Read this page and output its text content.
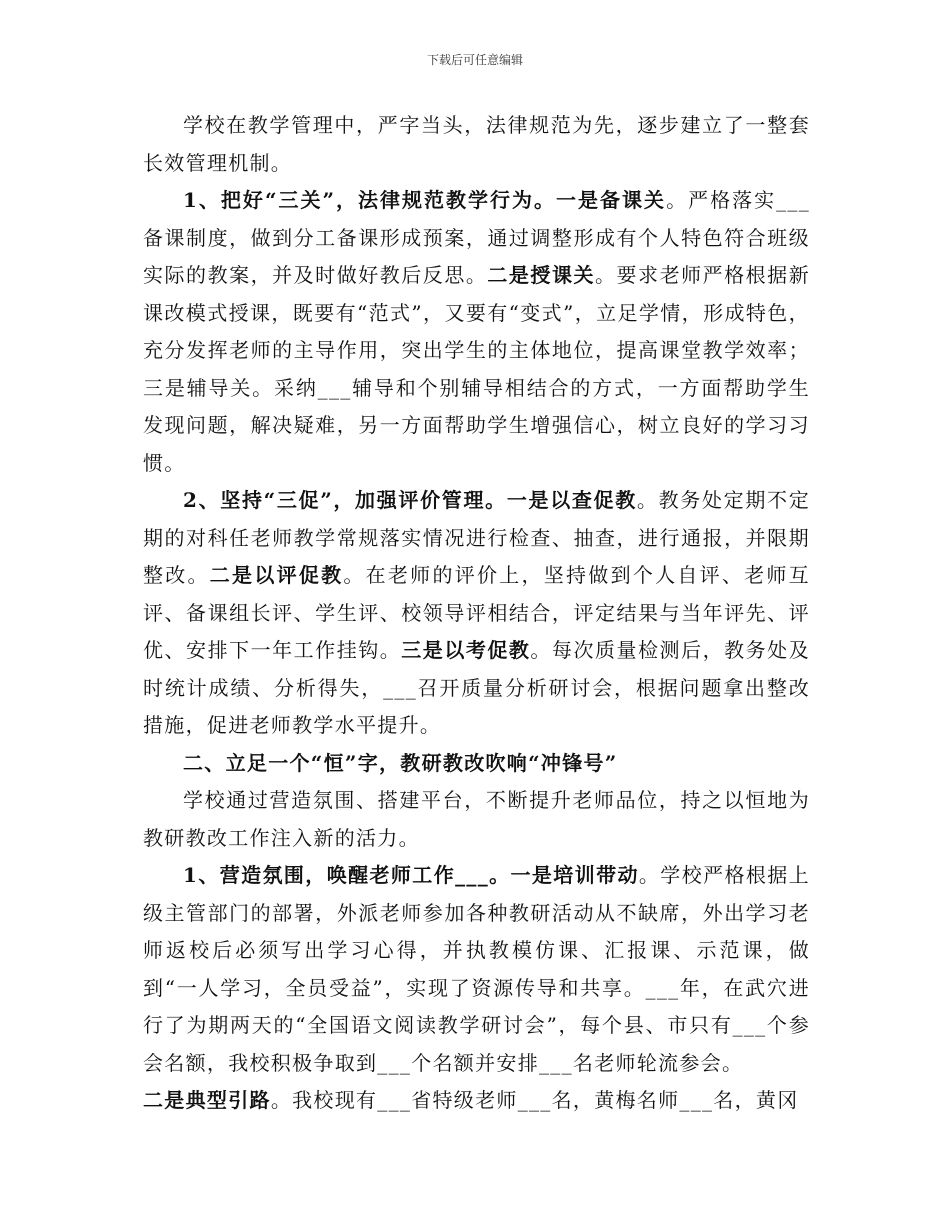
下载后可任意编辑

学校在教学管理中，严字当头，法律规范为先，逐步建立了一整套长效管理机制。

1、把好“三关”，法律规范教学行为。一是备课关。严格落实___备课制度，做到分工备课形成预案，通过调整形成有个人特色符合班级实际的教案，并及时做好教后反思。二是授课关。要求老师严格根据新课改模式授课，既要有“范式”，又要有“变式”，立足学情，形成特色，充分发挥老师的主导作用，突出学生的主体地位，提高课堂教学效率；三是辅导关。采纳___辅导和个别辅导相结合的方式，一方面帮助学生发现问题，解决疑难，另一方面帮助学生增强信心，树立良好的学习习惯。

2、坚持“三促”，加强评价管理。一是以查促教。教务处定期不定期的对科任老师教学常规落实情况进行检查、抽查，进行通报，并限期整改。二是以评促教。在老师的评价上，坚持做到个人自评、老师互评、备课组长评、学生评、校领导评相结合，评定结果与当年评先、评优、安排下一年工作挂钩。三是以考促教。每次质量检测后，教务处及时统计成绩、分析得失，___召开质量分析研讨会，根据问题拿出整改措施，促进老师教学水平提升。

二、立足一个“恒”字，教研教改吹响“冲锋号”

学校通过营造氛围、搭建平台，不断提升老师品位，持之以恒地为教研教改工作注入新的活力。

1、营造氛围，唤醒老师工作___。一是培训带动。学校严格根据上级主管部门的部署，外派老师参加各种教研活动从不缺席，外出学习老师返校后必须写出学习心得，并执教模仿课、汇报课、示范课，做到“一人学习，全员受益”，实现了资源传导和共享。___年，在武穴进行了为期两天的“全国语文阅读教学研讨会”，每个县、市只有___个参会名额，我校积极争取到___个名额并安排___名老师轮流参会。

二是典型引路。我校现有___省特级老师___名，黄梅名师___名，黄冈
